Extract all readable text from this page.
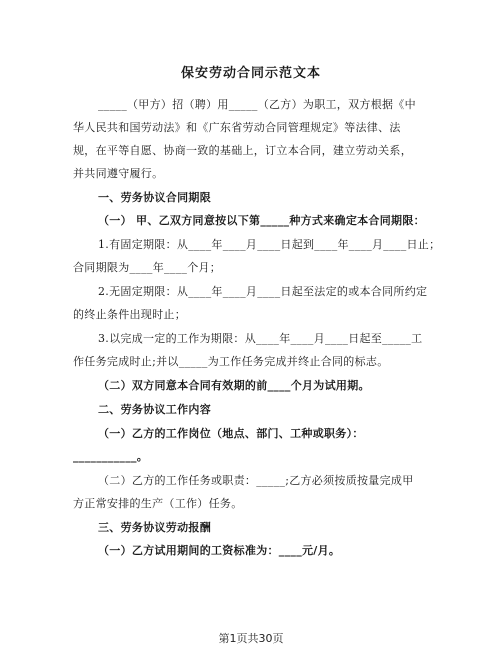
保安劳动合同示范文本
_____（甲方）招（聘）用_____（乙方）为职工，双方根据《中
华人民共和国劳动法》和《广东省劳动合同管理规定》等法律、法
规，在平等自愿、协商一致的基础上，订立本合同，建立劳动关系，
并共同遵守履行。
一、劳务协议合同期限
（一） 甲、乙双方同意按以下第_____种方式来确定本合同期限：
1.有固定期限：从____年____月____日起到____年____月____日止；
合同期限为____年____个月；
2.无固定期限：从____年____月____日起至法定的或本合同所约定
的终止条件出现时止；
3.以完成一定的工作为期限：从____年____月____日起至_____工
作任务完成时止;并以_____为工作任务完成并终止合同的标志。
（二）双方同意本合同有效期的前____个月为试用期。
二、劳务协议工作内容
（一）乙方的工作岗位（地点、部门、工种或职务）：
___________。
（二）乙方的工作任务或职责：_____;乙方必须按质按量完成甲
方正常安排的生产（工作）任务。
三、劳务协议劳动报酬
（一）乙方试用期间的工资标准为：____元/月。
第1页共30页
